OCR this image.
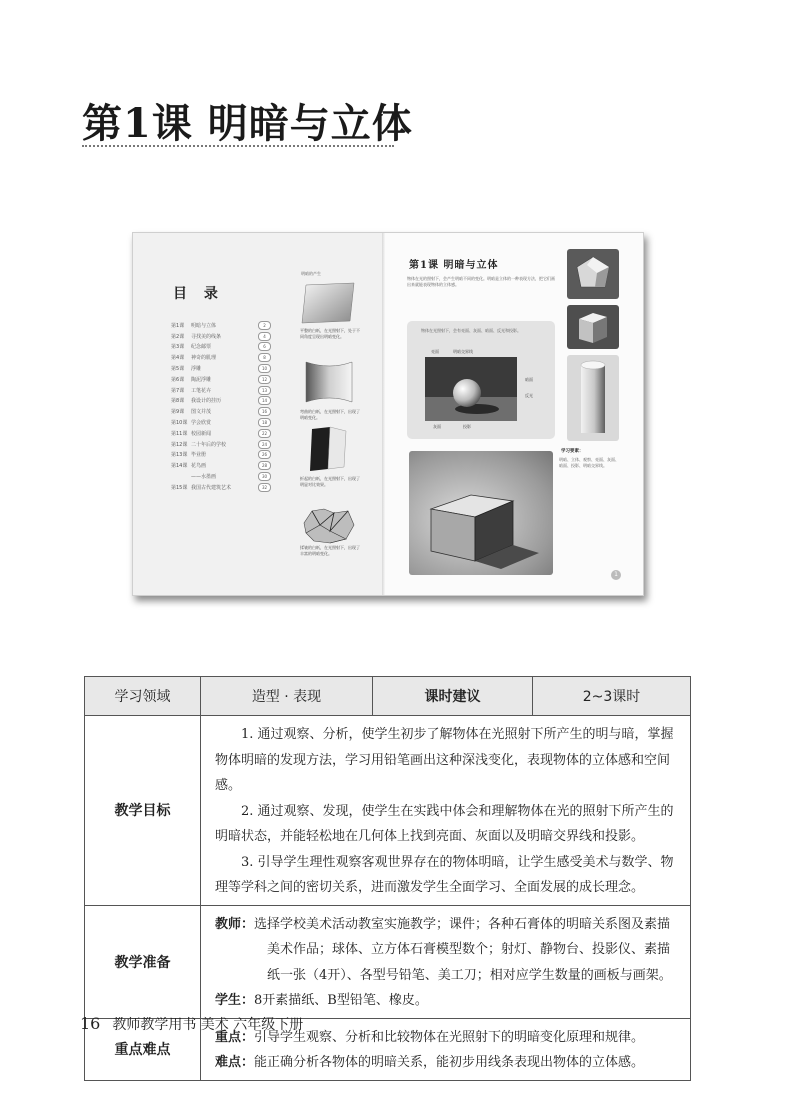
第1课 明暗与立体
目 录
第1课	明暗与立体	2
第2课	寻找美的线条	4
第3课	纪念邮票	6
第4课	神奇的肌理	8
第5课	浮雕	10
第6课	陶泥浮雕	12
第7课	工笔花卉	13
第8课	我设计的挂历	14
第9课	图文并茂	16
第10课 学会欣赏	18
第11课 校园新闻	22
第12课 二十年后的学校	24
第13课 毕业册	26
第14课 花鸟画	28
——水墨画	30
第15课 我国古代建筑艺术	32
明暗的产生
平整的白纸，在光照射下，处于不同角度呈现出明暗变化。
弯曲的白纸，在光照射下，出现了明暗变化。
折起的白纸，在光照射下，出现了明显对比效果。
揉皱的白纸，在光照射下，出现了丰富的明暗变化。
第1课 明暗与立体
物体在光的照射下，会产生明暗不同的变化。明暗是立体的一种表现方法，把它们画出来就能表现物体的立体感。
物体在光照射下，会有亮面、灰面、暗面、反光和投影。
亮面	明暗交界线
暗面
反光
灰面	投影
学习要素：
明暗、立体、观察、亮面、灰面、暗面、投影、明暗交界线。
1
学习领域	造型 · 表现	课时建议	2~3课时
教学目标	1. 通过观察、分析，使学生初步了解物体在光照射下所产生的明与暗，掌握物体明暗的发现方法，学习用铅笔画出这种深浅变化，表现物体的立体感和空间感。

2. 通过观察、发现，使学生在实践中体会和理解物体在光的照射下所产生的明暗状态，并能轻松地在几何体上找到亮面、灰面以及明暗交界线和投影。

3. 引导学生理性观察客观世界存在的物体明暗，让学生感受美术与数学、物理等学科之间的密切关系，进而激发学生全面学习、全面发展的成长理念。		

教学准备	教师：选择学校美术活动教室实施教学；课件；各种石膏体的明暗关系图及素描美术作品；球体、立方体石膏模型数个；射灯、静物台、投影仪、素描纸一张（4开）、各型号铅笔、美工刀；相对应学生数量的画板与画架。

学生：8开素描纸、B型铅笔、橡皮。		

重点难点	重点：引导学生观察、分析和比较物体在光照射下的明暗变化原理和规律。

难点：能正确分析各物体的明暗关系，能初步用线条表现出物体的立体感。		

16 教师教学用书 美术 六年级下册
